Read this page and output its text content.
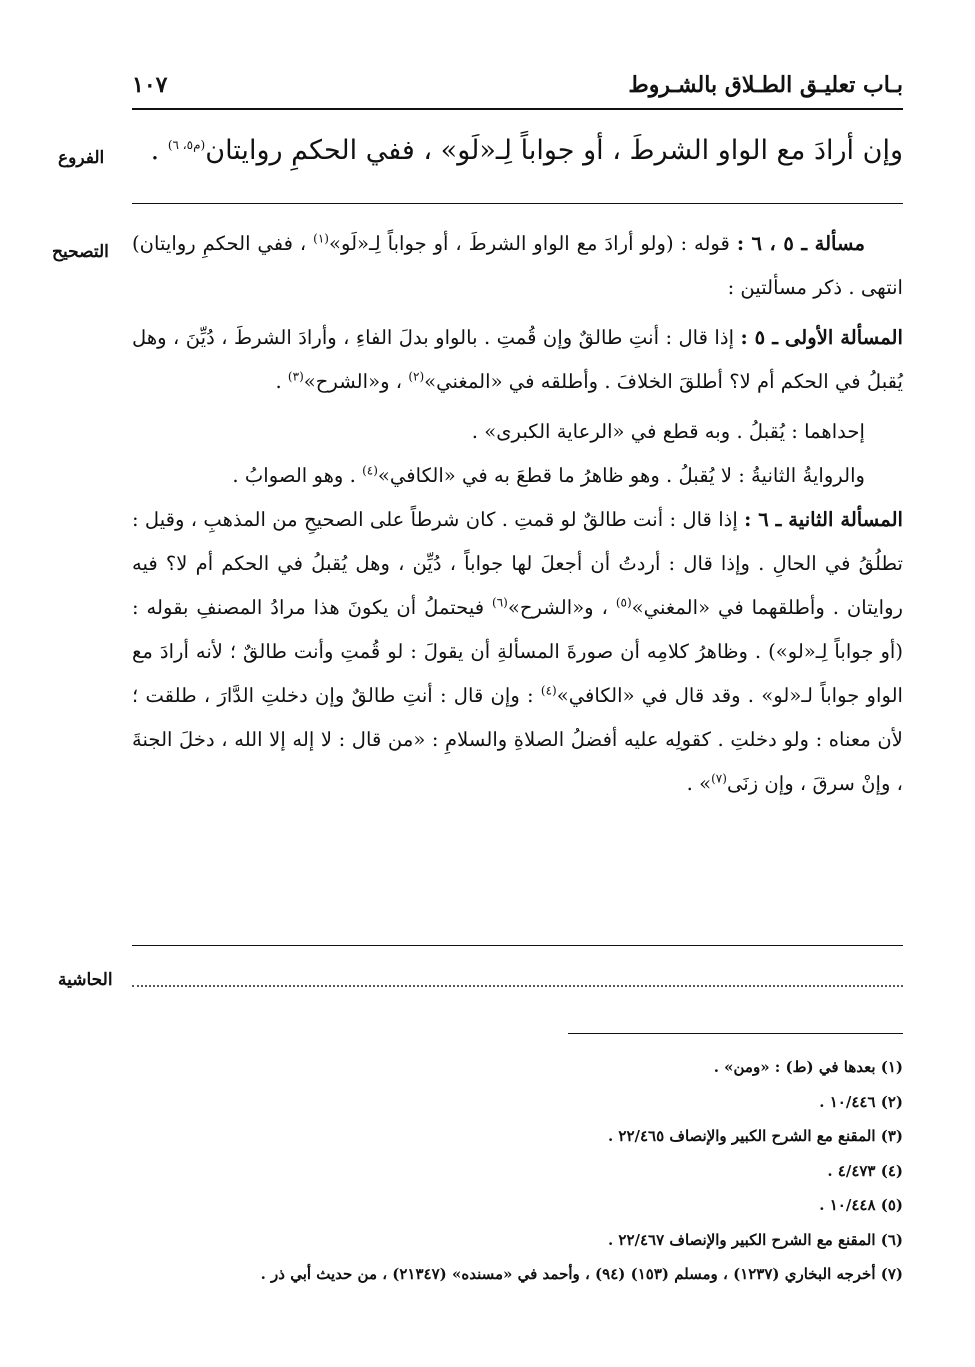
بـاب تعليـق الطـلاق بالشـروط
١٠٧
الفروع
التصحيح
الحاشية
وإن أرادَ مع الواو الشرطَ ، أو جواباً لِـ«لَو» ، ففي الحكمِ روايتان$^{(م٥، ٦)}$ .

مسألة ـ ٥ ، ٦ : قوله : (ولو أرادَ مع الواو الشرطَ ، أو جواباً لِـ«لَو»$^{(١)}$ ، ففي الحكمِ روايتان) انتهى . ذكر مسألتين :

المسألة الأولى ـ ٥ : إذا قال : أنتِ طالقٌ وإن قُمتِ . بالواو بدلَ الفاءِ ، وأرادَ الشرطَ ، دُيِّنَ ، وهل يُقبلُ في الحكم أم لا؟ أطلقَ الخلافَ . وأطلقه في «المغني»$^{(٢)}$ ، و«الشرح»$^{(٣)}$ .

إحداهما : يُقبلُ . وبه قطع في «الرعاية الكبرى» .

والروايةُ الثانيةُ : لا يُقبلُ . وهو ظاهرُ ما قطعَ به في «الكافي»$^{(٤)}$ . وهو الصوابُ .

المسألة الثانية ـ ٦ : إذا قال : أنت طالقٌ لو قمتِ . كان شرطاً على الصحيحِ من المذهبِ ، وقيل : تطلُقُ في الحالِ . وإذا قال : أردتُ أن أجعلَ لها جواباً ، دُيِّن ، وهل يُقبلُ في الحكم أم لا؟ فيه روايتان . وأطلقهما في «المغني»$^{(٥)}$ ، و«الشرح»$^{(٦)}$ فيحتملُ أن يكونَ هذا مرادُ المصنفِ بقوله : (أو جواباً لِـ«لو») . وظاهرُ كلامِه أن صورةَ المسألةِ أن يقولَ : لو قُمتِ وأنت طالقٌ ؛ لأنه أرادَ مع الواو جواباً لـ«لو» . وقد قال في «الكافي»$^{(٤)}$ : وإن قال : أنتِ طالقٌ وإن دخلتِ الدَّارَ ، طلقت ؛ لأن معناه : ولو دخلتِ . كقولِه عليه أفضلُ الصلاةِ والسلامِ : «من قال : لا إله إلا الله ، دخلَ الجنةَ ، وإنْ سرقَ ، وإن زنَى$^{(٧)}$» .

(١) بعدها في (ط) : «ومن» .
(٢) ١٠/٤٤٦ .
(٣) المقنع مع الشرح الكبير والإنصاف ٢٢/٤٦٥ .
(٤) ٤/٤٧٣ .
(٥) ١٠/٤٤٨ .
(٦) المقنع مع الشرح الكبير والإنصاف ٢٢/٤٦٧ .
(٧) أخرجه البخاري (١٢٣٧) ، ومسلم (١٥٣) (٩٤) ، وأحمد في «مسنده» (٢١٣٤٧) ، من حديث أبي ذر .
